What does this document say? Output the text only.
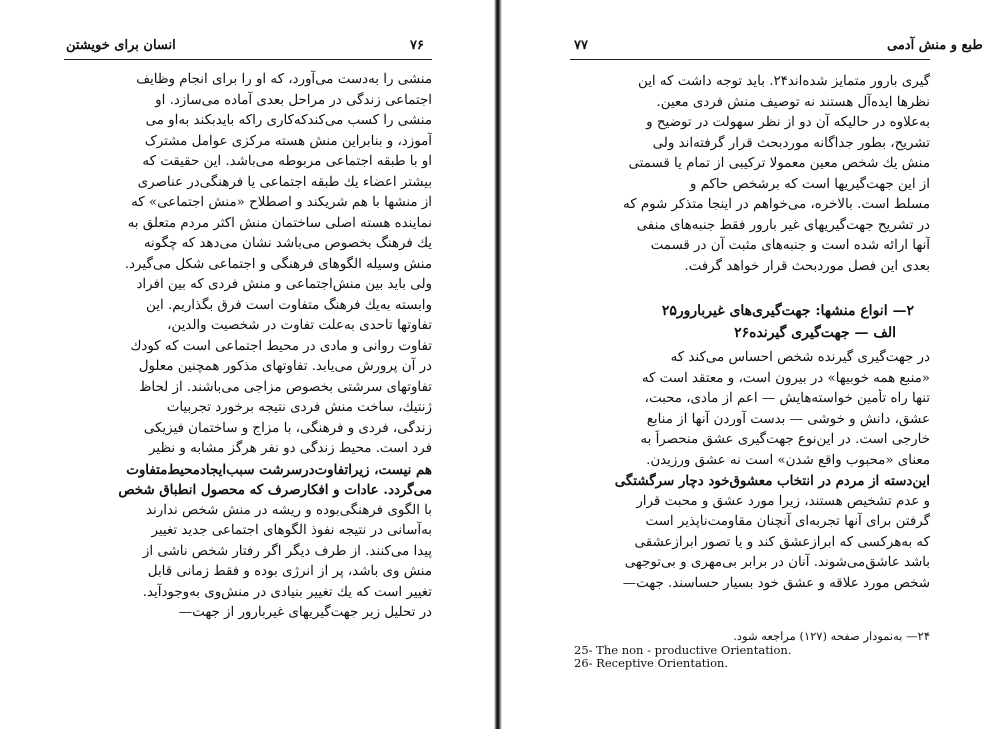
۷۶
انسان برای خویشتن
منشی را به‌دست می‌آورد، که او را برای انجام وظایف
اجتماعی زندگی در مراحل بعدی آماده می‌سازد. او
منشی را کسب می‌کندکه‌کاری راکه بایدبکند به‌او می‌
آموزد، و بنابراین منش هسته مرکزی عوامل مشترک
او با طبقه اجتماعی مربوطه می‌باشد. این حقیقت که
بیشتر اعضاء یك طبقه اجتماعی یا فرهنگی‌در عناصری
از منشها با هم شریکند و اصطلاح «منش اجتماعی» که
نماینده هسته اصلی ساختمان منش اکثر مردم متعلق به
یك فرهنگ بخصوص می‌باشد نشان می‌دهد که چگونه
منش وسیله الگوهای فرهنگی و اجتماعی شکل می‌گیرد.
ولی باید بین منش‌اجتماعی و منش فردی که بین افراد
وابسته به‌یك فرهنگ متفاوت است فرق بگذاریم. این
تفاوتها تاحدی به‌علت تفاوت در شخصیت والدین،
تفاوت روانی و مادی در محیط اجتماعی است که کودك
در آن پرورش می‌یابد. تفاوتهای مذکور همچنین معلول
تفاوتهای سرشتی بخصوص مزاجی می‌باشند. از لحاظ
ژنتیك، ساخت منش فردی نتیجه برخورد تجربیات
زندگی، فردی و فرهنگی، با مزاج و ساختمان فیزیکی
فرد است. محیط زندگی دو نفر هرگز مشابه و نظیر
هم نیست، زیراتفاوت‌درسرشت سبب‌ایجادمحیط‌متفاوت
می‌گردد. عادات و افکارصرف که محصول انطباق شخص
با الگوی فرهنگی‌بوده و ریشه در منش شخص ندارند
به‌آسانی در نتیجه نفوذ الگوهای اجتماعی جدید تغییر
پیدا می‌کنند. از طرف دیگر اگر رفتار شخص ناشی از
منش وی باشد، پر از انرژی بوده و فقط زمانی قابل
تغییر است که یك تغییر بنیادی در منش‌وی به‌وجودآید.
در تحلیل زیر جهت‌گیریهای غیربارور از جهت—
۷۷	طبع و منش آدمی
گیری بارور متمایز شده‌اند۲۴. باید توجه داشت که این
نظرها ایده‌آل هستند نه توصیف منش فردی معین.
به‌علاوه در حالیکه آن دو از نظر سهولت در توضیح و
تشریح، بطور جداگانه موردبحث قرار گرفته‌اند ولی
منش یك شخص معین معمولا ترکیبی از تمام یا قسمتی
از این جهت‌گیریها است که برشخص حاکم و
مسلط است. بالاخره، می‌خواهم در اینجا متذکر شوم که
در تشریح جهت‌گیریهای غیر بارور فقط جنبه‌های منفی
آنها ارائه شده است و جنبه‌های مثبت آن در قسمت
بعدی این فصل موردبحث قرار خواهد گرفت.
۲— انواع منشها: جهت‌گیری‌های غیربارور۲۵
الف — جهت‌گیری گیرنده۲۶
در جهت‌گیری گیرنده شخص احساس می‌کند که
«منبع همه خوبیها» در بیرون است، و معتقد است که
تنها راه تأمین خواسته‌هایش — اعم از مادی، محبت،
عشق، دانش و خوشی — بدست آوردن آنها از منابع
خارجی است. در این‌نوع جهت‌گیری عشق منحصراً به
معنای «محبوب واقع شدن» است نه عشق ورزیدن.
این‌دسته از مردم در انتخاب معشوق‌خود دچار سرگشتگی
و عدم تشخیص هستند، زیرا مورد عشق و محبت قرار
گرفتن برای آنها تجربه‌ای آنچنان مقاومت‌ناپذیر است
که به‌هرکسی که ابرازعشق کند و یا تصور ابرازعشقی
باشد عاشق‌می‌شوند. آنان در برابر بی‌مهری و بی‌توجهی
شخص مورد علاقه و عشق خود بسیار حساسند. جهت—
۲۴— به‌نمودار صفحه (۱۲۷) مراجعه شود.
25- The non - productive Orientation.
26- Receptive Orientation.
